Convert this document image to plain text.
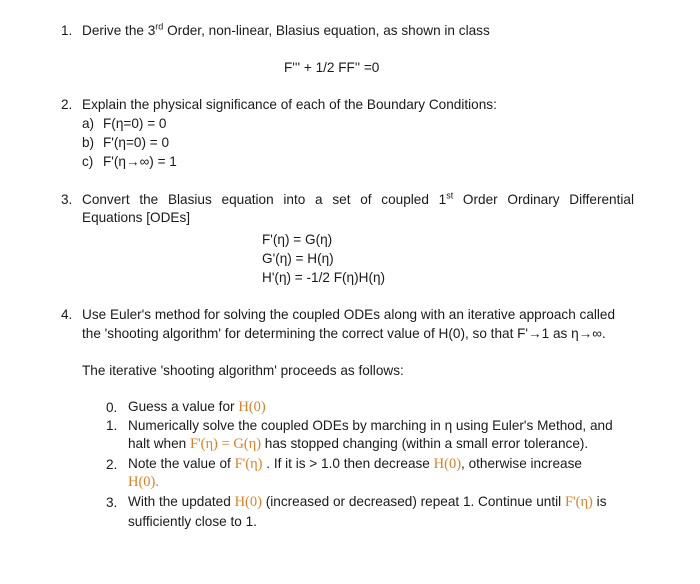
1. Derive the 3rd Order, non-linear, Blasius equation, as shown in class
F''' + 1/2 FF'' =0
2. Explain the physical significance of each of the Boundary Conditions:
a) F(η=0) = 0
b) F'(η=0) = 0
c) F'(η→∞) = 1
3. Convert the Blasius equation into a set of coupled 1st Order Ordinary Differential
Equations [ODEs]
F'(η) = G(η)
G'(η) = H(η)
H'(η) = -1/2 F(η)H(η)
4. Use Euler's method for solving the coupled ODEs along with an iterative approach called
the 'shooting algorithm' for determining the correct value of H(0), so that F'→1 as η→∞.
The iterative 'shooting algorithm' proceeds as follows:
0. Guess a value for H(0)
1. Numerically solve the coupled ODEs by marching in η using Euler's Method, and
halt when F'(η) = G(η) has stopped changing (within a small error tolerance).
2. Note the value of F'(η) . If it is > 1.0 then decrease H(0), otherwise increase
H(0).
3. With the updated H(0) (increased or decreased) repeat 1. Continue until F'(η) is
sufficiently close to 1.
